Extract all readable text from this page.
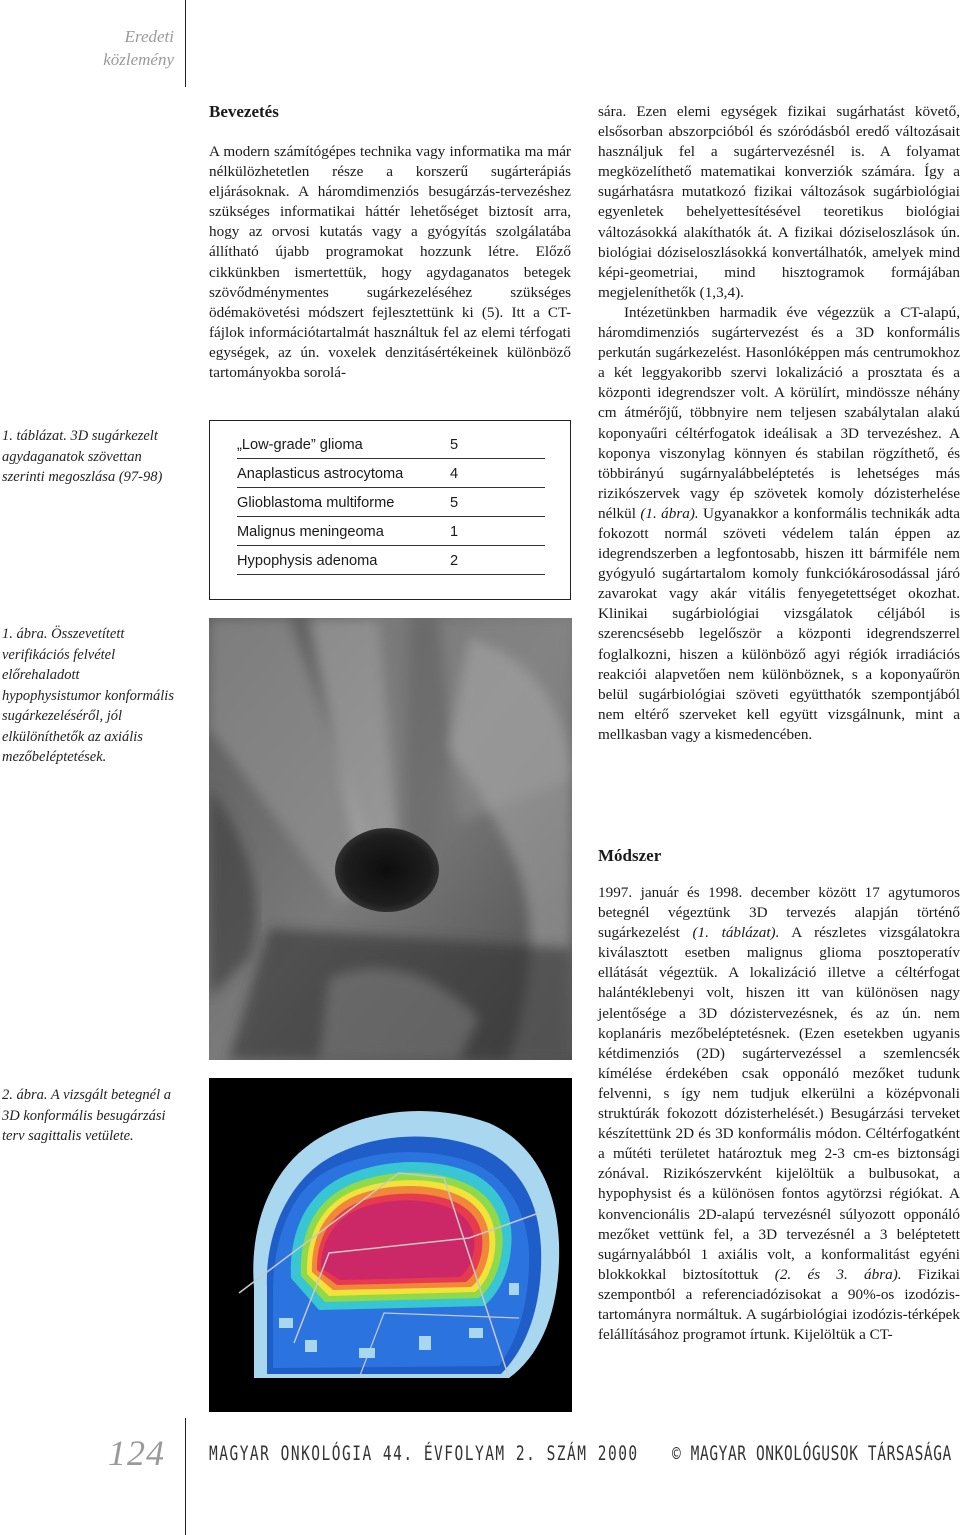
Eredeti közlemény
1. táblázat. 3D sugárkezelt agydaganatok szövettan szerinti megoszlása (97-98)
1. ábra. Összevetített verifikációs felvétel előrehaladott hypophysistumor konformális sugárkezeléséről, jól elkülöníthetők az axiális mezőbeléptetések.
2. ábra. A vizsgált betegnél a 3D konformális besugárzási terv sagittalis vetülete.
Bevezetés

A modern számítógépes technika vagy informatika ma már nélkülözhetetlen része a korszerű sugárterápiás eljárásoknak. A háromdimenziós besugárzás-tervezéshez szükséges informatikai háttér lehetőséget biztosít arra, hogy az orvosi kutatás vagy a gyógyítás szolgálatába állítható újabb programokat hozzunk létre. Előző cikkünkben ismertettük, hogy agydaganatos betegek szövődménymentes sugárkezeléséhez szükséges ödémakövetési módszert fejlesztettünk ki (5). Itt a CT-fájlok információtartalmát használtuk fel az elemi térfogati egységek, az ún. voxelek denzitásértékeinek különböző tartományokba sorolá-

„Low-grade” glioma	5
Anaplasticus astrocytoma	4
Glioblastoma multiforme	5
Malignus meningeoma	1
Hypophysis adenoma	2

sára. Ezen elemi egységek fizikai sugárhatást követő, elsősorban abszorpcióból és szóródásból eredő változásait használjuk fel a sugártervezésnél is. A folyamat megközelíthető matematikai konverziók számára. Így a sugárhatásra mutatkozó fizikai változások sugárbiológiai egyenletek behelyettesítésével teoretikus biológiai változásokká alakíthatók át. A fizikai dóziseloszlások ún. biológiai dóziseloszlásokká konvertálhatók, amelyek mind képi-geometriai, mind hisztogramok formájában megjeleníthetők (1,3,4).

Intézetünkben harmadik éve végezzük a CT-alapú, háromdimenziós sugártervezést és a 3D konformális perkután sugárkezelést. Hasonlóképpen más centrumokhoz a két leggyakoribb szervi lokalizáció a prosztata és a központi idegrendszer volt. A körülírt, mindössze néhány cm átmérőjű, többnyire nem teljesen szabálytalan alakú koponyaűri céltérfogatok ideálisak a 3D tervezéshez. A koponya viszonylag könnyen és stabilan rögzíthető, és többirányú sugárnyalábbeléptetés is lehetséges más rizikószervek vagy ép szövetek komoly dózisterhelése nélkül (1. ábra). Ugyanakkor a konformális technikák adta fokozott normál szöveti védelem talán éppen az idegrendszerben a legfontosabb, hiszen itt bármiféle nem gyógyuló sugártartalom komoly funkciókárosodással járó zavarokat vagy akár vitális fenyegetettséget okozhat. Klinikai sugárbiológiai vizsgálatok céljából is szerencsésebb legelőször a központi idegrendszerrel foglalkozni, hiszen a különböző agyi régiók irradiációs reakciói alapvetően nem különböznek, s a koponyaűrön belül sugárbiológiai szöveti együtthatók szempontjából nem eltérő szerveket kell együtt vizsgálnunk, mint a mellkasban vagy a kismedencében.

Módszer

1997. január és 1998. december között 17 agytumoros betegnél végeztünk 3D tervezés alapján történő sugárkezelést (1. táblázat). A részletes vizsgálatokra kiválasztott esetben malignus glioma posztoperatív ellátását végeztük. A lokalizáció illetve a céltérfogat halántéklebenyi volt, hiszen itt van különösen nagy jelentősége a 3D dózistervezésnek, és az ún. nem koplanáris mezőbeléptetésnek. (Ezen esetekben ugyanis kétdimenziós (2D) sugártervezéssel a szemlencsék kímélése érdekében csak opponáló mezőket tudunk felvenni, s így nem tudjuk elkerülni a középvonali struktúrák fokozott dózisterhelését.) Besugárzási terveket készítettünk 2D és 3D konformális módon. Céltérfogatként a műtéti területet határoztuk meg 2-3 cm-es biztonsági zónával. Rizikószervként kijelöltük a bulbusokat, a hypophysist és a különösen fontos agytörzsi régiókat. A konvencionális 2D-alapú tervezésnél súlyozott opponáló mezőket vettünk fel, a 3D tervezésnél a 3 beléptetett sugárnyalábból 1 axiális volt, a konformalitást egyéni blokkokkal biztosítottuk (2. és 3. ábra). Fizikai szempontból a referenciadózisokat a 90%-os izodózis-tartományra normáltuk. A sugárbiológiai izodózis-térképek felállításához programot írtunk. Kijelöltük a CT-

124	MAGYAR ONKOLÓGIA 44. ÉVFOLYAM 2. SZÁM 2000 © MAGYAR ONKOLÓGUSOK TÁRSASÁGA
